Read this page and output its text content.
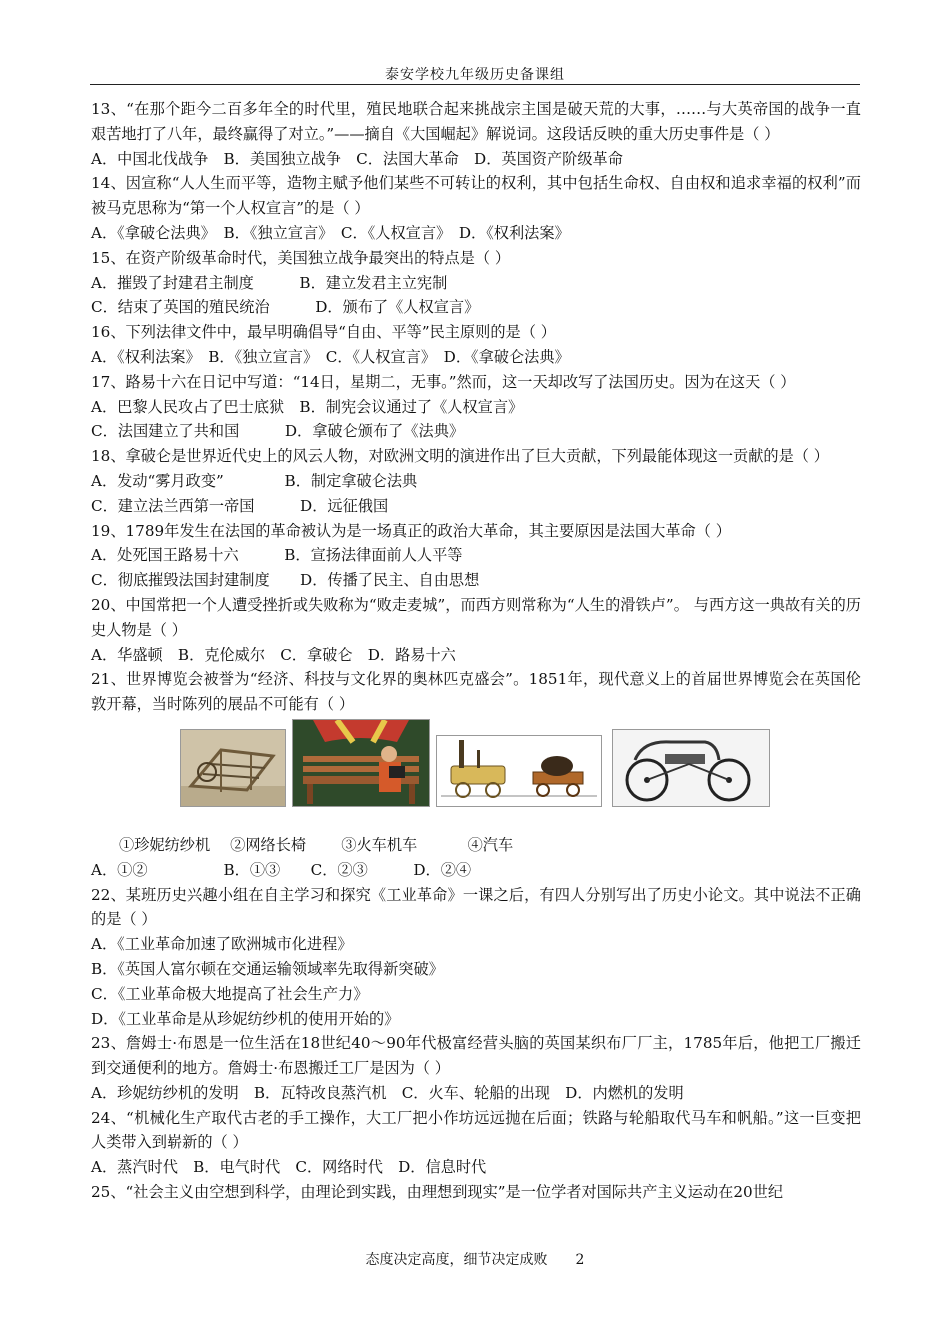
泰安学校九年级历史备课组

13、“在那个距今二百多年全的时代里，殖民地联合起来挑战宗主国是破天荒的大事，……与大英帝国的战争一直艰苦地打了八年，最终赢得了对立。”——摘自《大国崛起》解说词。这段话反映的重大历史事件是（ ）

A．中国北伐战争　B．美国独立战争　C．法国大革命　D．英国资产阶级革命

14、因宣称“人人生而平等，造物主赋予他们某些不可转让的权利，其中包括生命权、自由权和追求幸福的权利”而被马克思称为“第一个人权宣言”的是（ ）

A．《拿破仑法典》　B．《独立宣言》　C．《人权宣言》　D．《权利法案》

15、在资产阶级革命时代，美国独立战争最突出的特点是（ ）

A．摧毁了封建君主制度　　　B．建立发君主立宪制

C．结束了英国的殖民统治　　　D．颁布了《人权宣言》

16、下列法律文件中，最早明确倡导“自由、平等”民主原则的是（ ）

A．《权利法案》　B．《独立宣言》　C．《人权宣言》　D．《拿破仑法典》

17、路易十六在日记中写道：“14日，星期二，无事。”然而，这一天却改写了法国历史。因为在这天（ ）

A．巴黎人民攻占了巴士底狱　B．制宪会议通过了《人权宣言》

C．法国建立了共和国　　　D．拿破仑颁布了《法典》

18、拿破仑是世界近代史上的风云人物，对欧洲文明的演进作出了巨大贡献，下列最能体现这一贡献的是（ ）

A．发动“雾月政变”　　　　B．制定拿破仑法典

C．建立法兰西第一帝国　　　D．远征俄国

19、1789年发生在法国的革命被认为是一场真正的政治大革命，其主要原因是法国大革命（ ）

A．处死国王路易十六　　　B．宣扬法律面前人人平等

C．彻底摧毁法国封建制度　　D．传播了民主、自由思想

20、中国常把一个人遭受挫折或失败称为“败走麦城”，而西方则常称为“人生的滑铁卢”。 与西方这一典故有关的历史人物是（ ）

A．华盛顿　B．克伦威尔　C．拿破仑　D．路易十六

21、世界博览会被誉为“经济、科技与文化界的奥林匹克盛会”。1851年，现代意义上的首届世界博览会在英国伦敦开幕，当时陈列的展品不可能有（ ）

①珍妮纺纱机　 ②网络长椅　　 ③火车机车　　　	④汽车

A．①②　　　　　	B．①③　　 C．②③　　　	D．②④

22、某班历史兴趣小组在自主学习和探究《工业革命》一课之后，有四人分别写出了历史小论文。其中说法不正确的是（ ）

A．《工业革命加速了欧洲城市化进程》

B．《英国人富尔顿在交通运输领域率先取得新突破》

C．《工业革命极大地提高了社会生产力》

D．《工业革命是从珍妮纺纱机的使用开始的》

23、詹姆士·布恩是一位生活在18世纪40～90年代极富经营头脑的英国某织布厂厂主，1785年后，他把工厂搬迁到交通便利的地方。詹姆士·布恩搬迁工厂是因为（ ）

A．珍妮纺纱机的发明　B．瓦特改良蒸汽机　C．火车、轮船的出现　D．内燃机的发明

24、“机械化生产取代古老的手工操作，大工厂把小作坊远远抛在后面；铁路与轮船取代马车和帆船。”这一巨变把人类带入到崭新的（ ）

A．蒸汽时代　B．电气时代　C．网络时代　D．信息时代

25、“社会主义由空想到科学，由理论到实践，由理想到现实”是一位学者对国际共产主义运动在20世纪

态度决定高度，细节决定成败　　2
